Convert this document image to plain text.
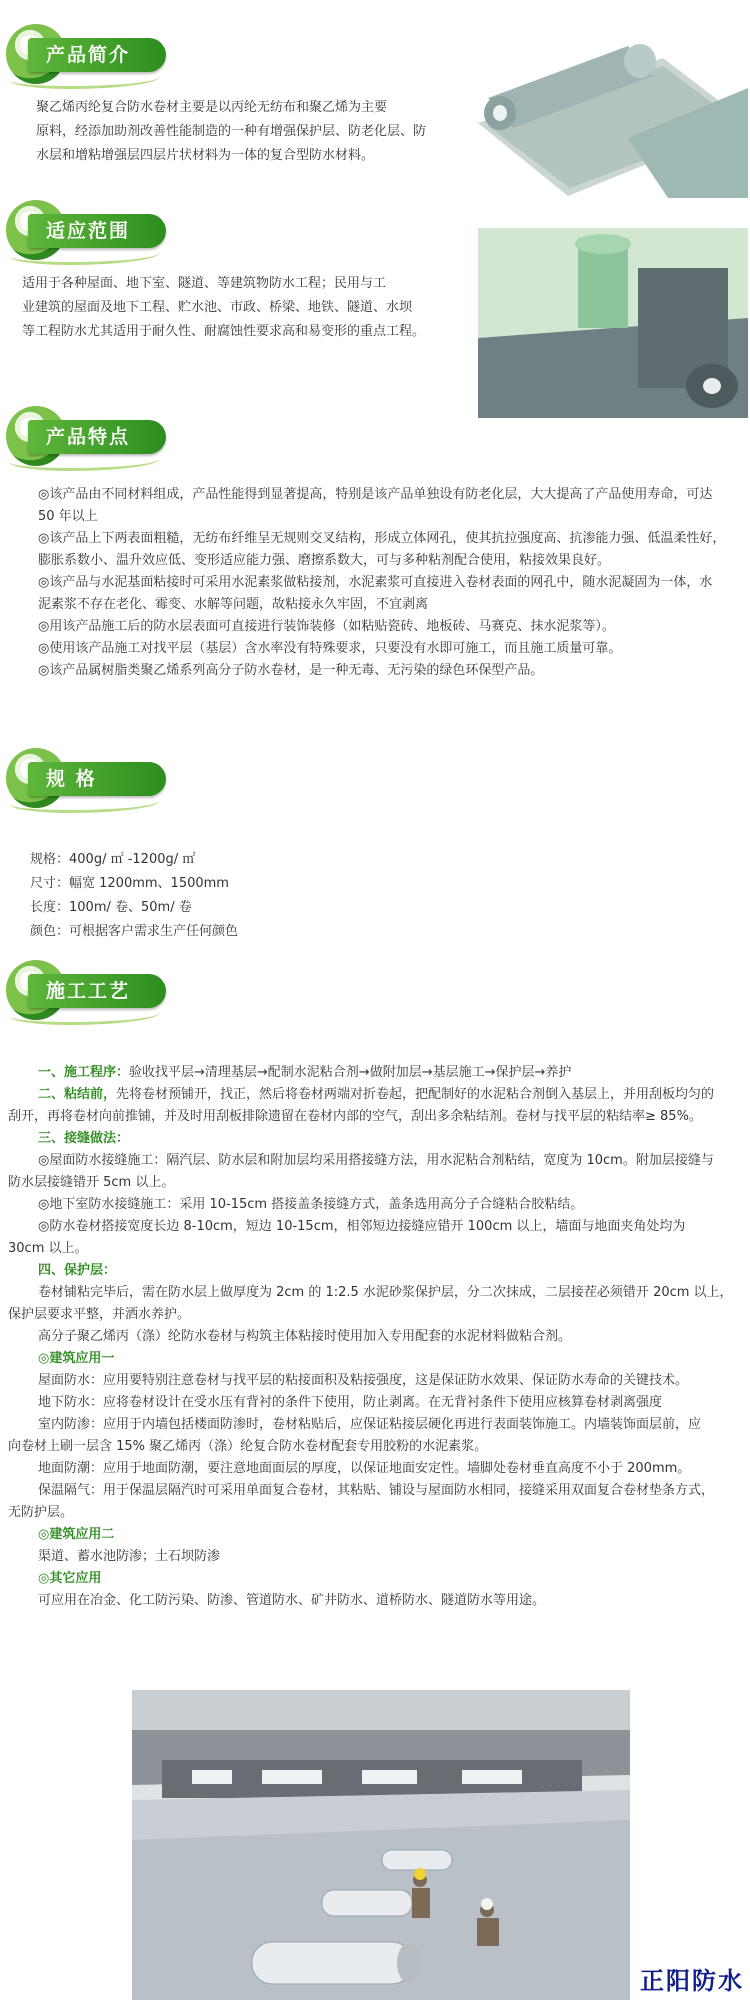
产品简介
聚乙烯丙纶复合防水卷材主要是以丙纶无纺布和聚乙烯为主要
原料，经添加助剂改善性能制造的一种有增强保护层、防老化层、防
水层和增粘增强层四层片状材料为一体的复合型防水材料。
适应范围
适用于各种屋面、地下室、隧道、等建筑物防水工程；民用与工
业建筑的屋面及地下工程、贮水池、市政、桥梁、地铁、隧道、水坝
等工程防水尤其适用于耐久性、耐腐蚀性要求高和易变形的重点工程。
产品特点
◎该产品由不同材料组成，产品性能得到显著提高，特别是该产品单独设有防老化层，大大提高了产品使用寿命，可达
50 年以上
◎该产品上下两表面粗糙，无纺布纤维呈无规则交叉结构，形成立体网孔，使其抗拉强度高、抗渗能力强、低温柔性好，
膨胀系数小、温升效应低、变形适应能力强、磨擦系数大，可与多种粘剂配合使用，粘接效果良好。
◎该产品与水泥基面粘接时可采用水泥素浆做粘接剂，水泥素浆可直接进入卷材表面的网孔中，随水泥凝固为一体，水
泥素浆不存在老化、霉变、水解等问题，故粘接永久牢固，不宜剥离
◎用该产品施工后的防水层表面可直接进行装饰装修（如粘贴瓷砖、地板砖、马赛克、抹水泥浆等）。
◎使用该产品施工对找平层（基层）含水率没有特殊要求，只要没有水即可施工，而且施工质量可靠。
◎该产品属树脂类聚乙烯系列高分子防水卷材，是一种无毒、无污染的绿色环保型产品。
规 格
规格：400g/ ㎡ -1200g/ ㎡
尺寸：幅宽 1200mm、1500mm
长度：100m/ 卷、50m/ 卷
颜色：可根据客户需求生产任何颜色
施工工艺
一、施工程序：验收找平层→清理基层→配制水泥粘合剂→做附加层→基层施工→保护层→养护
二、粘结前，先将卷材预铺开，找正，然后将卷材两端对折卷起，把配制好的水泥粘合剂倒入基层上，并用刮板均匀的
刮开，再将卷材向前推铺，并及时用刮板排除遗留在卷材内部的空气，刮出多余粘结剂。卷材与找平层的粘结率≥ 85%。
三、接缝做法：
◎屋面防水接缝施工：隔汽层、防水层和附加层均采用搭接缝方法，用水泥粘合剂粘结，宽度为 10cm。附加层接缝与
防水层接缝错开 5cm 以上。
◎地下室防水接缝施工：采用 10-15cm 搭接盖条接缝方式，盖条选用高分子合缝粘合胶粘结。
◎防水卷材搭接宽度长边 8-10cm，短边 10-15cm，相邻短边接缝应错开 100cm 以上，墙面与地面夹角处均为
30cm 以上。
四、保护层：
卷材铺粘完毕后，需在防水层上做厚度为 2cm 的 1:2.5 水泥砂浆保护层，分二次抹成，二层接茬必须错开 20cm 以上，
保护层要求平整，并洒水养护。
高分子聚乙烯丙（涤）纶防水卷材与构筑主体粘接时使用加入专用配套的水泥材料做粘合剂。
◎建筑应用一
屋面防水：应用要特别注意卷材与找平层的粘接面积及粘接强度，这是保证防水效果、保证防水寿命的关键技术。
地下防水：应将卷材设计在受水压有背衬的条件下使用，防止剥离。在无背衬条件下使用应核算卷材剥离强度
室内防渗：应用于内墙包括楼面防渗时，卷材粘贴后，应保证粘接层硬化再进行表面装饰施工。内墙装饰面层前，应
向卷材上刷一层含 15% 聚乙烯丙（涤）纶复合防水卷材配套专用胶粉的水泥素浆。
地面防潮：应用于地面防潮，要注意地面面层的厚度，以保证地面安定性。墙脚处卷材垂直高度不小于 200mm。
保温隔气：用于保温层隔汽时可采用单面复合卷材，其粘贴、铺设与屋面防水相同，接缝采用双面复合卷材垫条方式，
无防护层。
◎建筑应用二
渠道、蓄水池防渗；土石坝防渗
◎其它应用
可应用在冶金、化工防污染、防渗、管道防水、矿井防水、道桥防水、隧道防水等用途。
正阳防水
